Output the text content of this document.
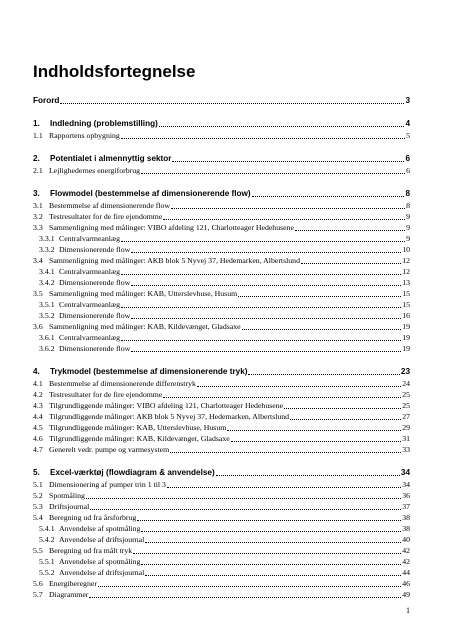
Indholdsfortegnelse
Forord	3
1.	Indledning (problemstilling)	4
1.1 Rapportens opbygning	5
2.	Potentialet i almennyttig sektor	6
2.1 Lejlighedernes energiforbrug	6
3.	Flowmodel (bestemmelse af dimensionerende flow)	8
3.1 Bestemmelse af dimensionerende flow	8
3.2 Testresultater for de fire ejendomme	9
3.3 Sammenligning med målinger: VIBO afdeling 121, Charlotteager Hedehusene	9
3.3.1 Centralvarmeanlæg	9
3.3.2 Dimensionerende flow	10
3.4 Sammenligning med målinger: AKB blok 5 Nyvej 37, Hedemarken, Albertslund	12
3.4.1 Centralvarmeanlæg	12
3.4.2 Dimensionerende flow	13
3.5 Sammenligning med målinger: KAB, Utterslevhuse, Husum	15
3.5.1 Centralvarmeanlæg	15
3.5.2 Dimensionerende flow	16
3.6 Sammenligning med målinger: KAB, Kildevænget, Gladsaxe	19
3.6.1 Centralvarmeanlæg	19
3.6.2 Dimensionerende flow	19
4.	Trykmodel (bestemmelse af dimensionerende tryk)	23
4.1 Bestemmelse af dimensionerende differenstryk	24
4.2 Testresultater for de fire ejendomme	25
4.3 Tilgrundliggende målinger: VIBO afdeling 121, Charlotteager Hedehusene	25
4.4 Tilgrundliggende målinger: AKB blok 5 Nyvej 37, Hedemarken, Albertslund	27
4.5 Tilgrundliggende målinger: KAB, Utterslevhuse, Husum	29
4.6 Tilgrundliggende målinger: KAB, Kildevænget, Gladsaxe	31
4.7 Generelt vedr. pumpe og varmesystem	33
5.	Excel-værktøj (flowdiagram & anvendelse)	34
5.1 Dimensionering af pumper trin 1 til 3	34
5.2 Spotmåling	36
5.3 Driftsjournal	37
5.4 Beregning ud fra årsforbrug	38
5.4.1 Anvendelse af spotmåling	38
5.4.2 Anvendelse af driftsjournal	40
5.5 Beregning ud fra målt tryk	42
5.5.1 Anvendelse af spotmåling	42
5.5.2 Anvendelse af driftsjournal	44
5.6 Energiberegner	46
5.7 Diagrammer	49
1
